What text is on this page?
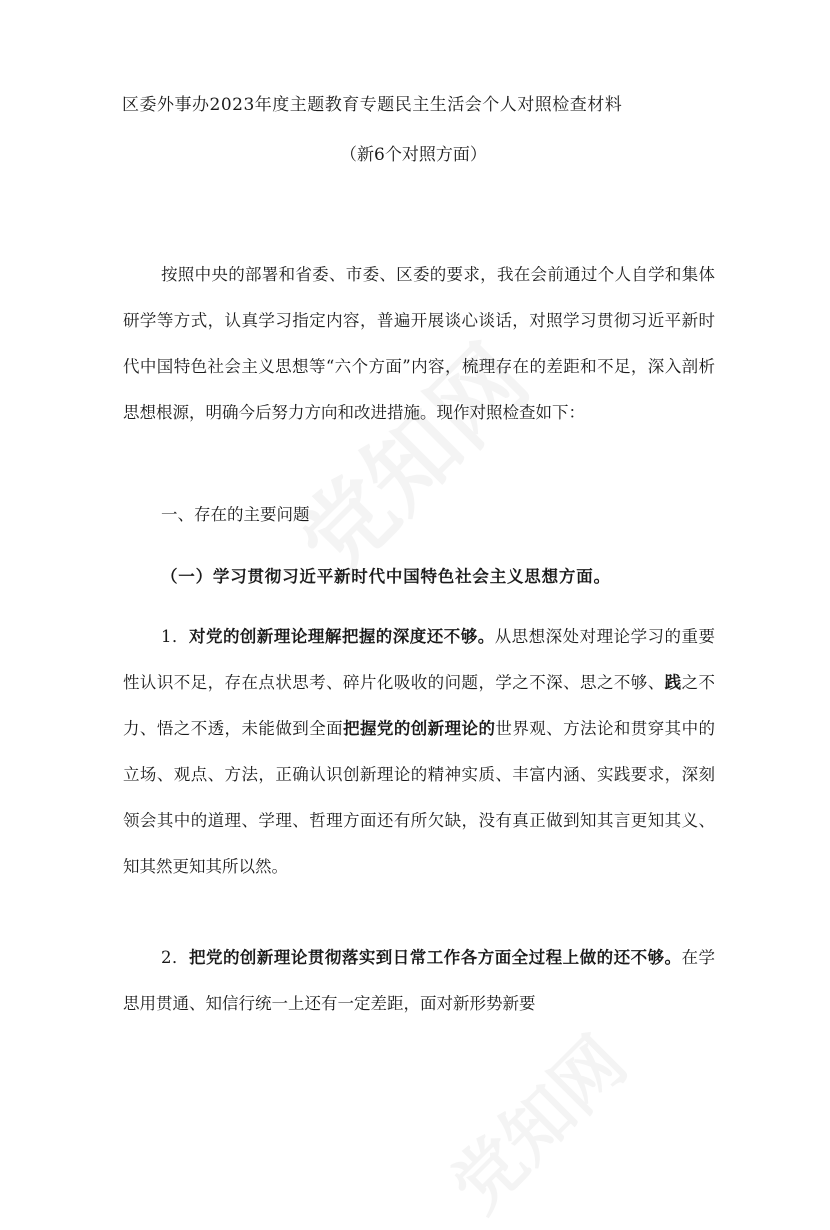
区委外事办2023年度主题教育专题民主生活会个人对照检查材料
（新6个对照方面）
按照中央的部署和省委、市委、区委的要求，我在会前通过个人自学和集体研学等方式，认真学习指定内容，普遍开展谈心谈话，对照学习贯彻习近平新时代中国特色社会主义思想等“六个方面”内容，梳理存在的差距和不足，深入剖析思想根源，明确今后努力方向和改进措施。现作对照检查如下：
一、存在的主要问题
（一）学习贯彻习近平新时代中国特色社会主义思想方面。
1．对党的创新理论理解把握的深度还不够。从思想深处对理论学习的重要性认识不足，存在点状思考、碎片化吸收的问题，学之不深、思之不够、践之不力、悟之不透，未能做到全面把握党的创新理论的世界观、方法论和贯穿其中的立场、观点、方法，正确认识创新理论的精神实质、丰富内涵、实践要求，深刻领会其中的道理、学理、哲理方面还有所欠缺，没有真正做到知其言更知其义、知其然更知其所以然。
2．把党的创新理论贯彻落实到日常工作各方面全过程上做的还不够。在学思用贯通、知信行统一上还有一定差距，面对新形势新要
